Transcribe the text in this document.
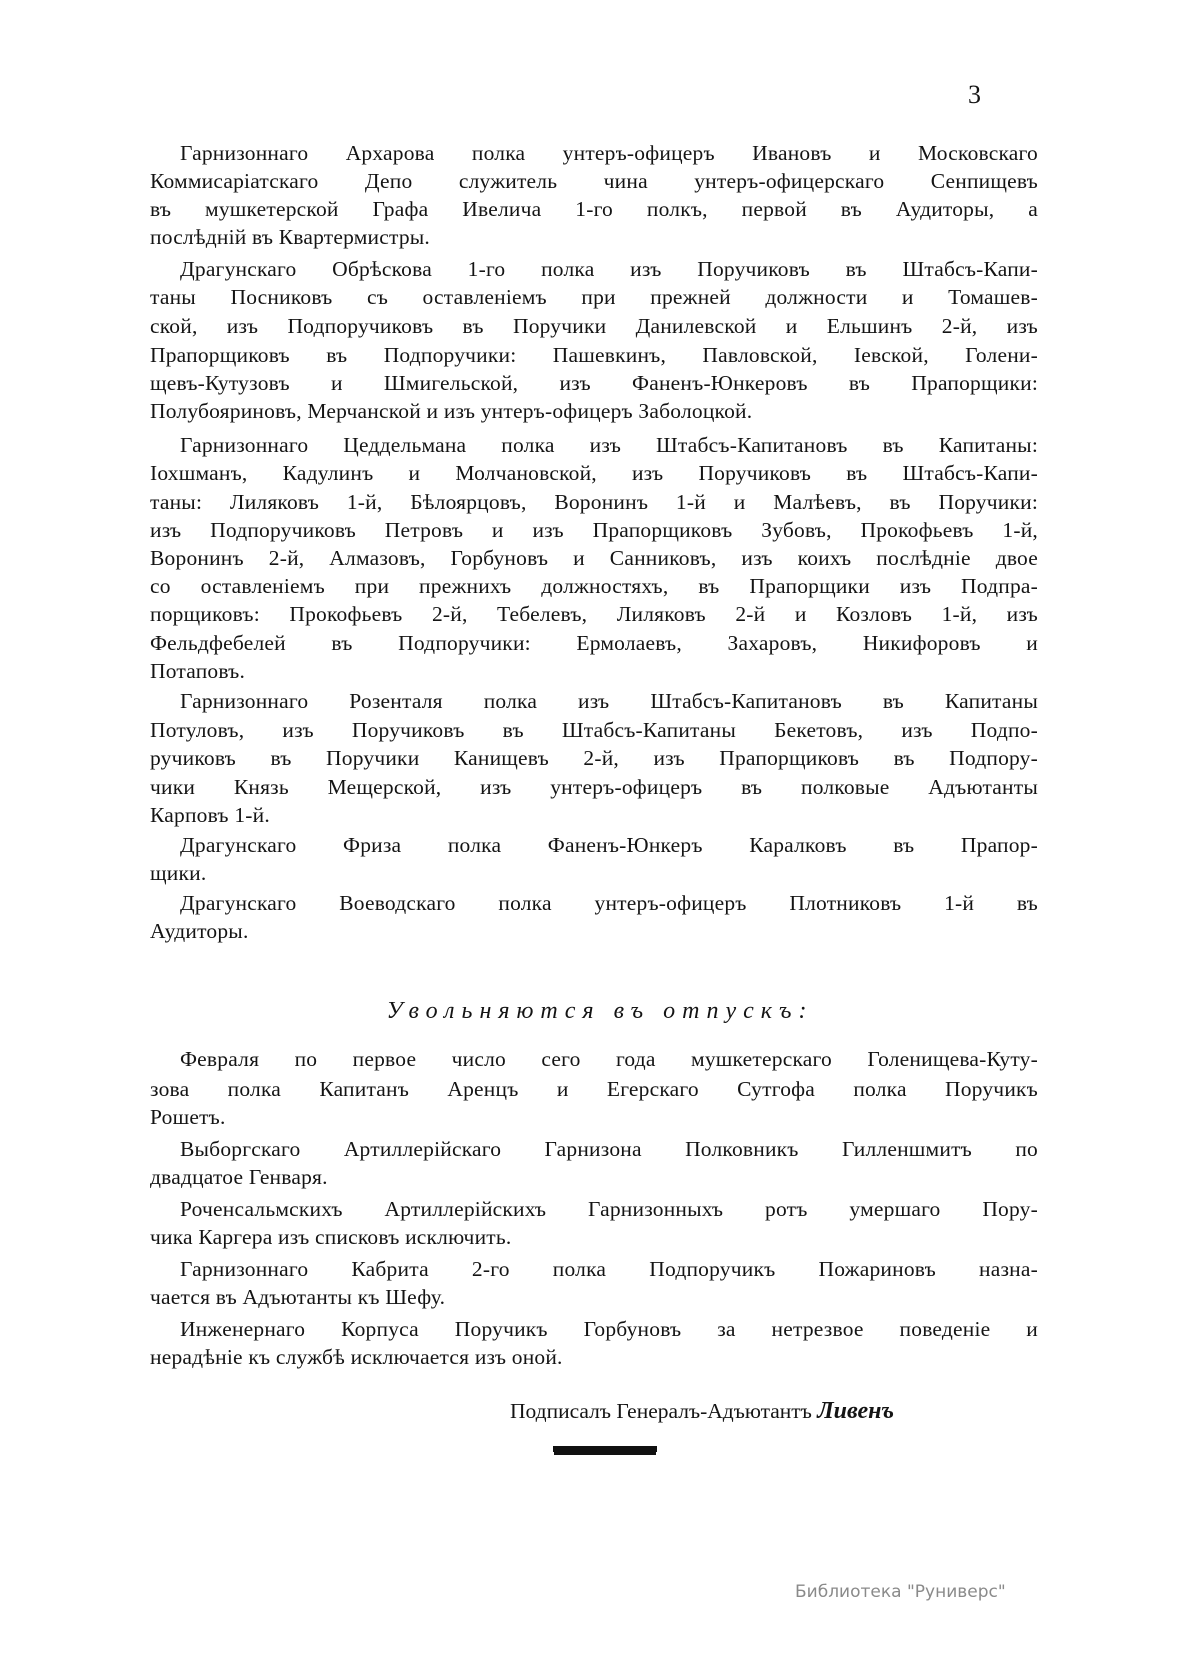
3
Гарнизоннаго Архарова полка унтеръ-офицеръ Ивановъ и Московскаго
Коммисаріатскаго Депо служитель чина унтеръ-офицерскаго Сенпищевъ
въ мушкетерской Графа Ивелича 1-го полкъ, первой въ Аудиторы, а
послѣдній въ Квартермистры.
Драгунскаго Обрѣскова 1-го полка изъ Поручиковъ въ Штабсъ-Капи-
таны Посниковъ съ оставленіемъ при прежней должности и Томашев-
ской, изъ Подпоручиковъ въ Поручики Данилевской и Ельшинъ 2-й, изъ
Прапорщиковъ въ Подпоручики: Пашевкинъ, Павловской, Іевской, Голени-
щевъ-Кутузовъ и Шмигельской, изъ Фаненъ-Юнкеровъ въ Прапорщики:
Полубояриновъ, Мерчанской и изъ унтеръ-офицеръ Заболоцкой.
Гарнизоннаго Цеддельмана полка изъ Штабсъ-Капитановъ въ Капитаны:
Іохшманъ, Кадулинъ и Молчановской, изъ Поручиковъ въ Штабсъ-Капи-
таны: Лиляковъ 1-й, Бѣлоярцовъ, Воронинъ 1-й и Малѣевъ, въ Поручики:
изъ Подпоручиковъ Петровъ и изъ Прапорщиковъ Зубовъ, Прокофьевъ 1-й,
Воронинъ 2-й, Алмазовъ, Горбуновъ и Санниковъ, изъ коихъ послѣдніе двое
со оставленіемъ при прежнихъ должностяхъ, въ Прапорщики изъ Подпра-
порщиковъ: Прокофьевъ 2-й, Тебелевъ, Лиляковъ 2-й и Козловъ 1-й, изъ
Фельдфебелей въ Подпоручики: Ермолаевъ, Захаровъ, Никифоровъ и
Потаповъ.
Гарнизоннаго Розенталя полка изъ Штабсъ-Капитановъ въ Капитаны
Потуловъ, изъ Поручиковъ въ Штабсъ-Капитаны Бекетовъ, изъ Подпо-
ручиковъ въ Поручики Канищевъ 2-й, изъ Прапорщиковъ въ Подпору-
чики Князь Мещерской, изъ унтеръ-офицеръ въ полковые Адъютанты
Карповъ 1-й.
Драгунскаго Фриза полка Фаненъ-Юнкеръ Каралковъ въ Прапор-
щики.
Драгунскаго Воеводскаго полка унтеръ-офицеръ Плотниковъ 1-й въ
Аудиторы.
Увольняются въ отпускъ:
Февраля по первое число сего года мушкетерскаго Голенищева-Куту-
зова полка Капитанъ Аренцъ и Егерскаго Сутгофа полка Поручикъ
Рошетъ.
Выборгскаго Артиллерійскаго Гарнизона Полковникъ Гилленшмитъ по
двадцатое Генваря.
Роченсальмскихъ Артиллерійскихъ Гарнизонныхъ ротъ умершаго Пору-
чика Каргера изъ списковъ исключить.
Гарнизоннаго Кабрита 2-го полка Подпоручикъ Пожариновъ назна-
чается въ Адъютанты къ Шефу.
Инженернаго Корпуса Поручикъ Горбуновъ за нетрезвое поведеніе и
нерадѣніе къ службѣ исключается изъ оной.
Подписалъ Генералъ-Адъютантъ Ливенъ
Библиотека "Руниверс"
